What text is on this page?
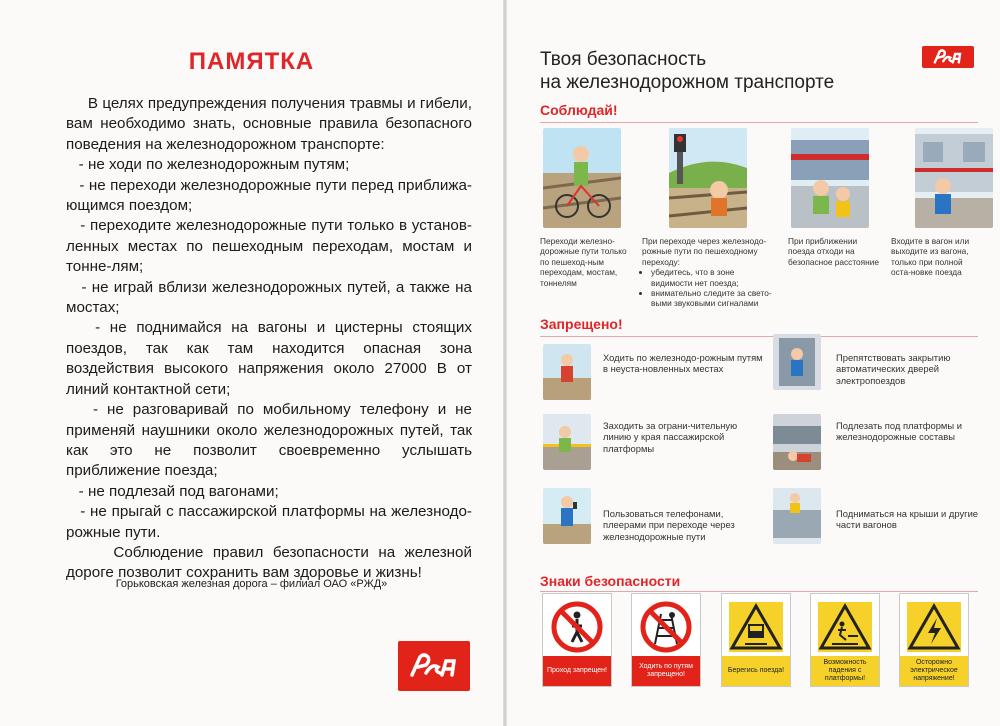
ПАМЯТКА

В целях предупреждения получения травмы и гибели, вам необходимо знать, основные правила безопасного поведения на железнодорожном транспорте:

- не ходи по железнодорожным путям;

- не переходи железнодорожные пути перед приближа-ющимся поездом;

- переходите железнодорожные пути только в установ-ленных местах по пешеходным переходам, мостам и тонне-лям;

- не играй вблизи железнодорожных путей, а также на мостах;

- не поднимайся на вагоны и цистерны стоящих поездов, так как там находится опасная зона воздействия высокого напряжения около 27000 В от линий контактной сети;

- не разговаривай по мобильному телефону и не применяй наушники около железнодорожных путей, так как это не позволит своевременно услышать приближение поезда;

- не подлезай под вагонами;

- не прыгай с пассажирской платформы на железнодо-рожные пути.

Соблюдение правил безопасности на железной дороге позволит сохранить вам здоровье и жизнь!

Горьковская железная дорога – филиал ОАО «РЖД»
Твоя безопасность
на железнодорожном транспорте
Соблюдай!
Переходи железно-дорожные пути только по пешеход-ным переходам, мостам, тоннелям
При переходе через железнодо-рожные пути по пешеходному переходу:
• убедитесь, что в зоне видимости нет поезда;
• внимательно следите за свето-выми звуковыми сигналами
При приближении поезда отходи на безопасное расстояние
Входите в вагон или выходите из вагона, только при полной оста-новке поезда
Запрещено!
Ходить по железнодо-рожным путям в неуста-новленных местах
Препятствовать закрытию автоматических дверей электропоездов
Заходить за ограни-чительную линию у края пассажирской платформы
Подлезать под платформы и железнодорожные составы
Пользоваться телефонами, плеерами при переходе через железнодорожные пути
Подниматься на крыши и другие части вагонов
Знаки безопасности
Проход запрещен!
Ходить по путям запрещено!
Берегись поезда!
Возможность падения с платформы!
Осторожно электрическое напряжение!
